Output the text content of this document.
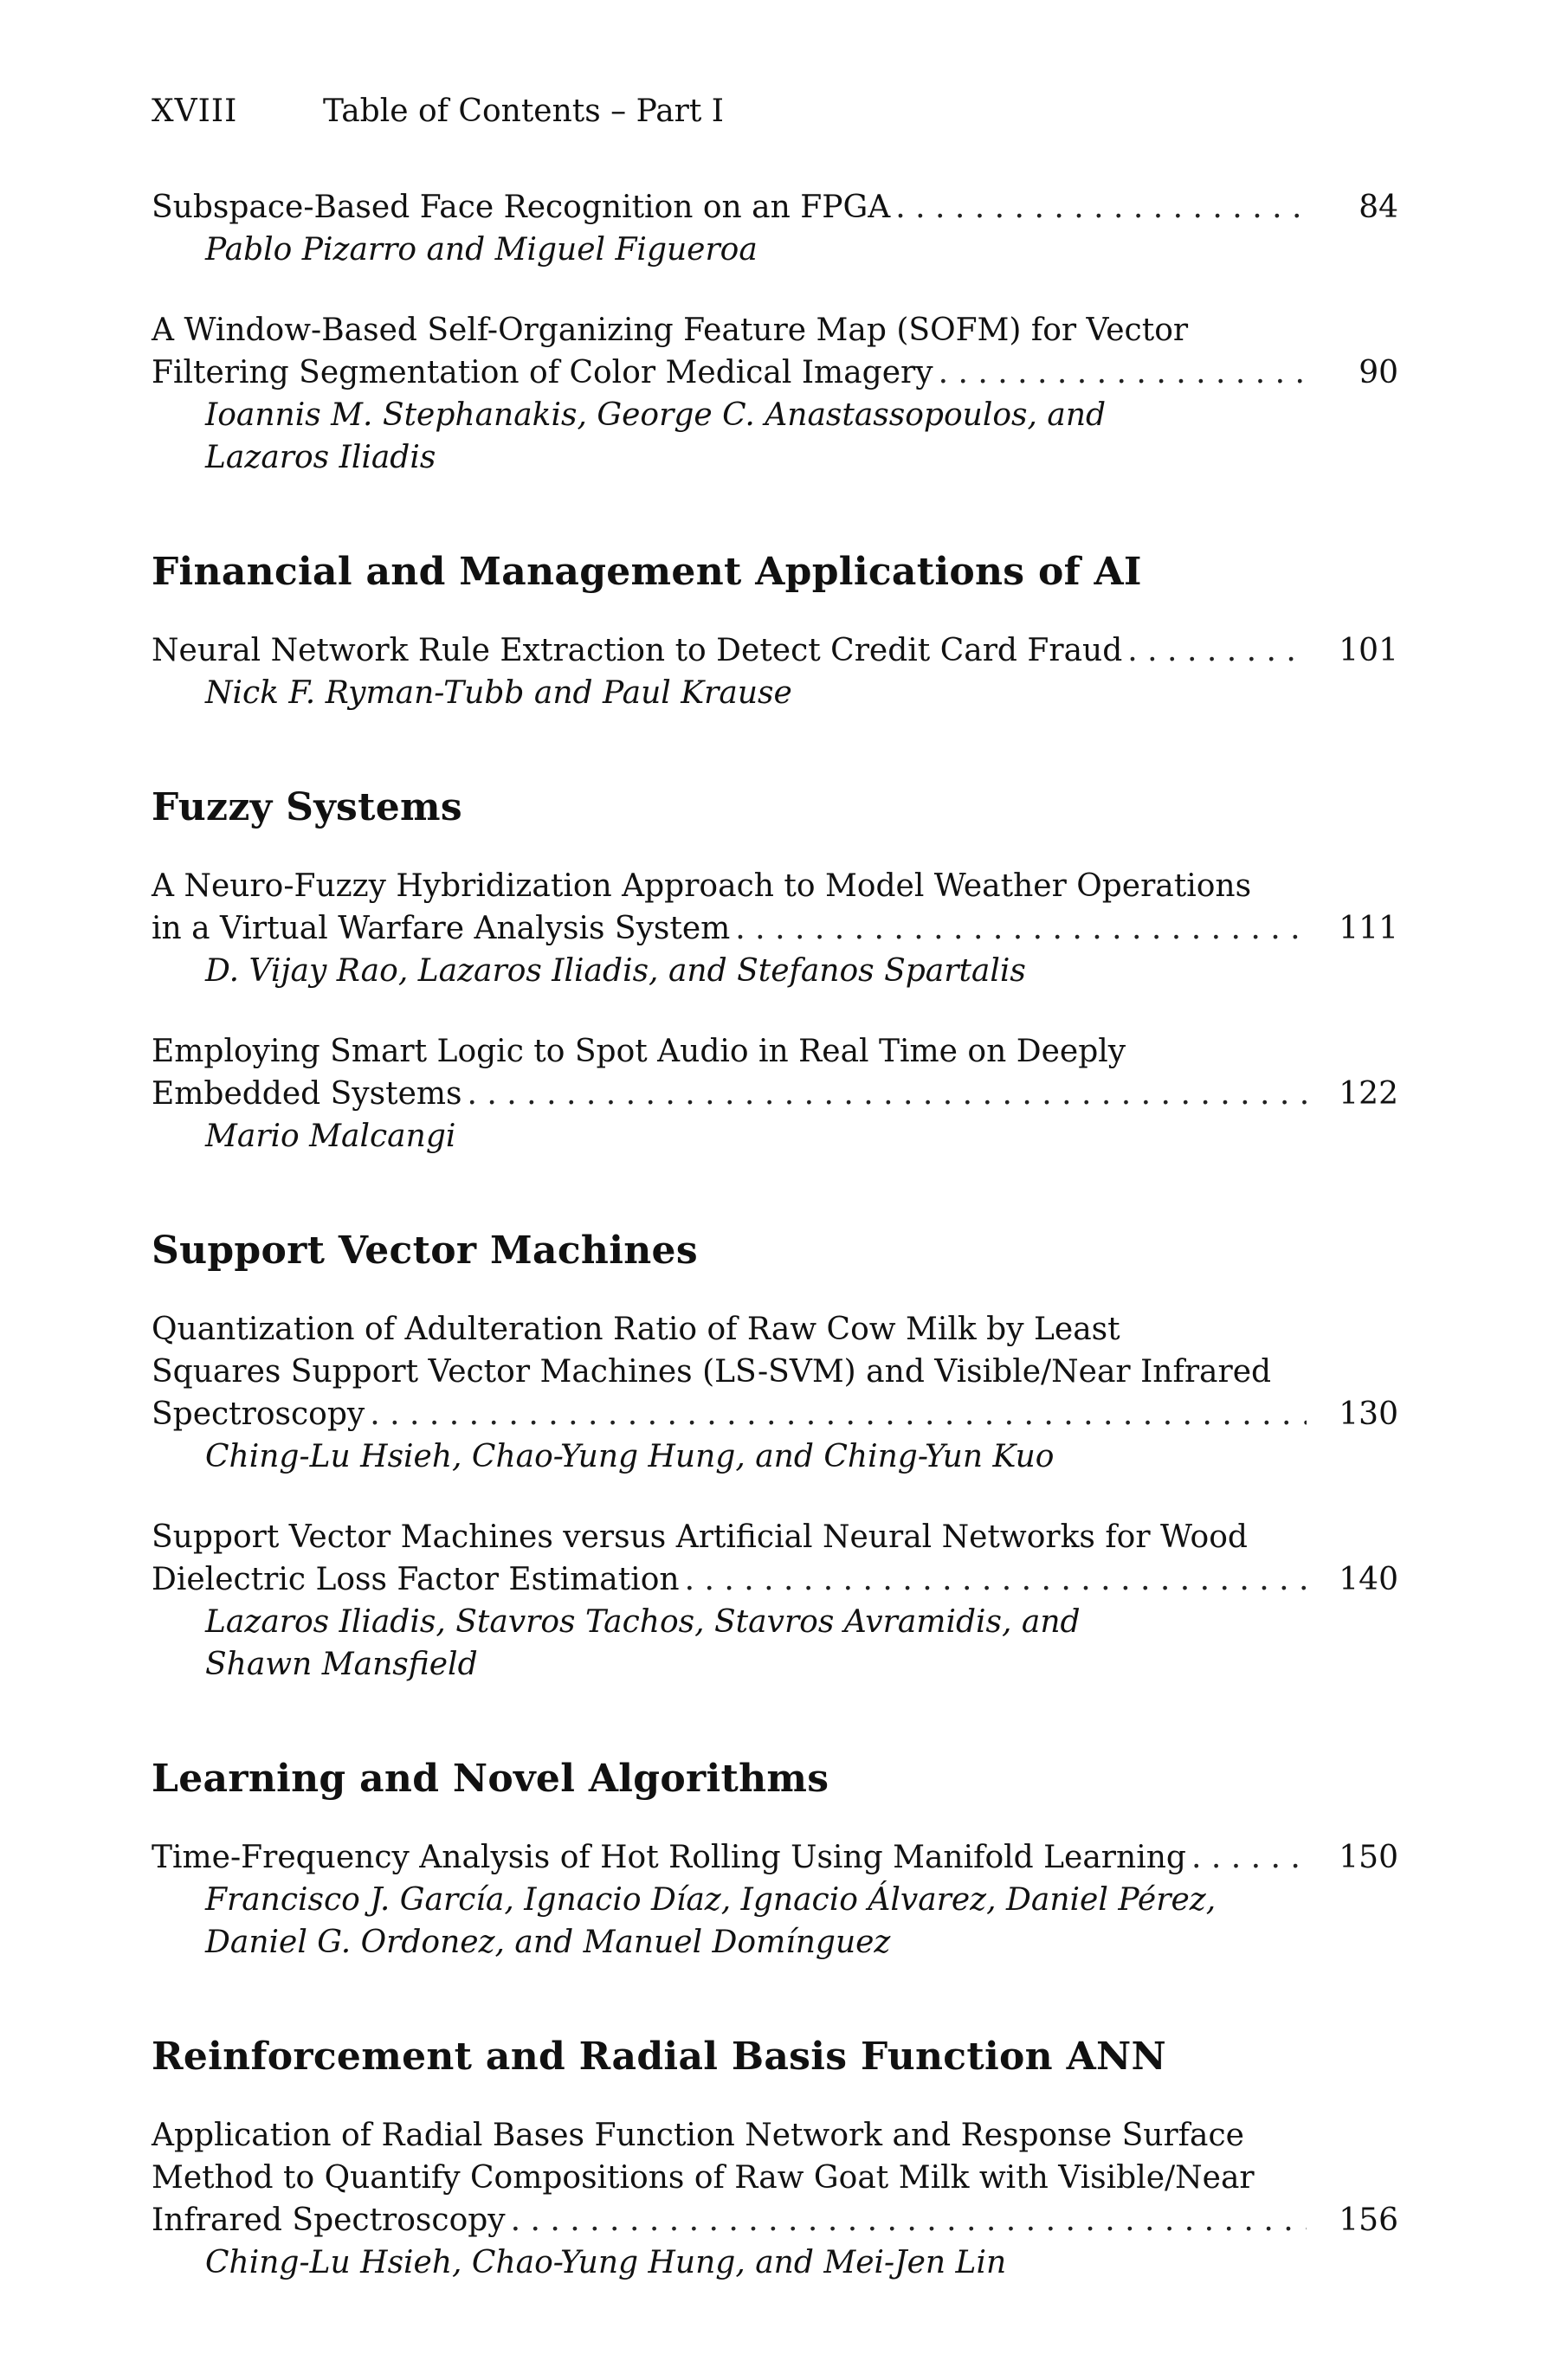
XVIII	Table of Contents – Part I
Subspace-Based Face Recognition on an FPGA . . .	84
Pablo Pizarro and Miguel Figueroa
A Window-Based Self-Organizing Feature Map (SOFM) for Vector
Filtering Segmentation of Color Medical Imagery . . .	90
Ioannis M. Stephanakis, George C. Anastassopoulos, and
Lazaros Iliadis
Financial and Management Applications of AI
Neural Network Rule Extraction to Detect Credit Card Fraud . . .	101
Nick F. Ryman-Tubb and Paul Krause
Fuzzy Systems
A Neuro-Fuzzy Hybridization Approach to Model Weather Operations
in a Virtual Warfare Analysis System . . .	111
D. Vijay Rao, Lazaros Iliadis, and Stefanos Spartalis
Employing Smart Logic to Spot Audio in Real Time on Deeply
Embedded Systems . . .	122
Mario Malcangi
Support Vector Machines
Quantization of Adulteration Ratio of Raw Cow Milk by Least
Squares Support Vector Machines (LS-SVM) and Visible/Near Infrared
Spectroscopy . . .	130
Ching-Lu Hsieh, Chao-Yung Hung, and Ching-Yun Kuo
Support Vector Machines versus Artificial Neural Networks for Wood
Dielectric Loss Factor Estimation . . .	140
Lazaros Iliadis, Stavros Tachos, Stavros Avramidis, and
Shawn Mansfield
Learning and Novel Algorithms
Time-Frequency Analysis of Hot Rolling Using Manifold Learning . . .	150
Francisco J. García, Ignacio Díaz, Ignacio Álvarez, Daniel Pérez,
Daniel G. Ordonez, and Manuel Domínguez
Reinforcement and Radial Basis Function ANN
Application of Radial Bases Function Network and Response Surface
Method to Quantify Compositions of Raw Goat Milk with Visible/Near
Infrared Spectroscopy . . .	156
Ching-Lu Hsieh, Chao-Yung Hung, and Mei-Jen Lin
